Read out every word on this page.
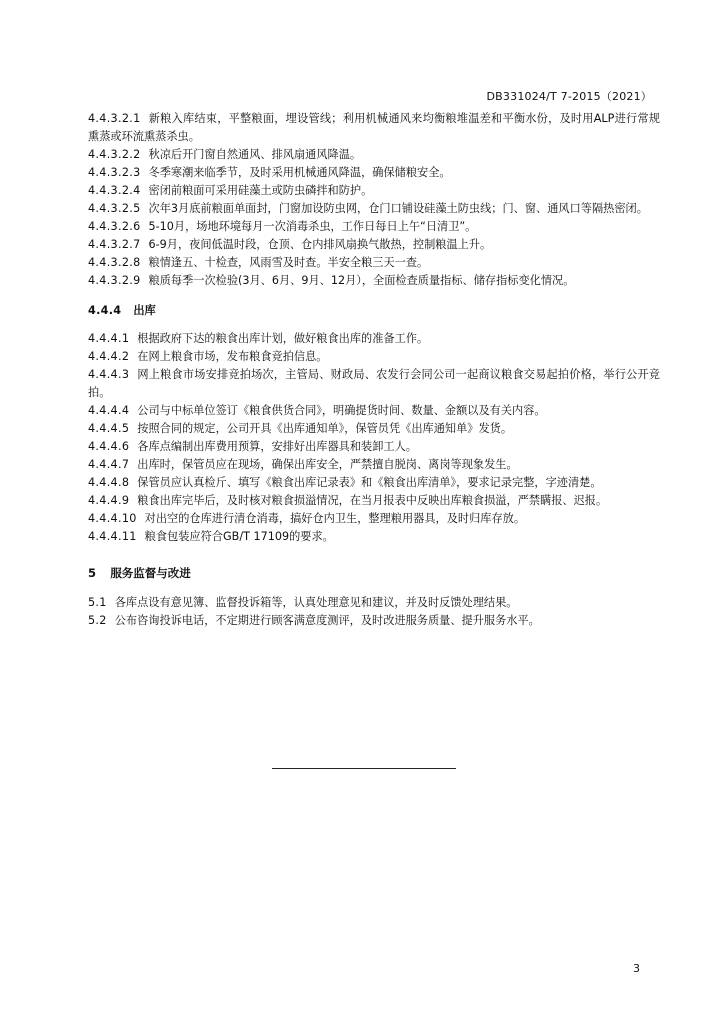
DB331024/T 7-2015（2021）

4.4.3.2.1 新粮入库结束，平整粮面，埋设管线；利用机械通风来均衡粮堆温差和平衡水份，及时用ALP进行常规熏蒸或环流熏蒸杀虫。

4.4.3.2.2 秋凉后开门窗自然通风、排风扇通风降温。

4.4.3.2.3 冬季寒潮来临季节，及时采用机械通风降温，确保储粮安全。

4.4.3.2.4 密闭前粮面可采用硅藻土或防虫磷拌和防护。

4.4.3.2.5 次年3月底前粮面单面封，门窗加设防虫网，仓门口铺设硅藻土防虫线；门、窗、通风口等隔热密闭。

4.4.3.2.6 5-10月，场地环境每月一次消毒杀虫，工作日每日上午“日清卫”。

4.4.3.2.7 6-9月，夜间低温时段，仓顶、仓内排风扇换气散热，控制粮温上升。

4.4.3.2.8 粮情逢五、十检查，风雨雪及时查。半安全粮三天一查。

4.4.3.2.9 粮质每季一次检验(3月、6月、9月、12月），全面检查质量指标、储存指标变化情况。

4.4.4 出库

4.4.4.1 根据政府下达的粮食出库计划，做好粮食出库的准备工作。

4.4.4.2 在网上粮食市场，发布粮食竞拍信息。

4.4.4.3 网上粮食市场安排竞拍场次，主管局、财政局、农发行会同公司一起商议粮食交易起拍价格，举行公开竞拍。

4.4.4.4 公司与中标单位签订《粮食供货合同》，明确提货时间、数量、金额以及有关内容。

4.4.4.5 按照合同的规定，公司开具《出库通知单》，保管员凭《出库通知单》发货。

4.4.4.6 各库点编制出库费用预算，安排好出库器具和装卸工人。

4.4.4.7 出库时，保管员应在现场，确保出库安全，严禁擅自脱岗、离岗等现象发生。

4.4.4.8 保管员应认真检斤、填写《粮食出库记录表》和《粮食出库清单》，要求记录完整，字迹清楚。

4.4.4.9 粮食出库完毕后，及时核对粮食损溢情况，在当月报表中反映出库粮食损溢，严禁瞒报、迟报。

4.4.4.10 对出空的仓库进行清仓消毒，搞好仓内卫生，整理粮用器具，及时归库存放。

4.4.4.11 粮食包装应符合GB/T 17109的要求。

5 服务监督与改进

5.1 各库点设有意见簿、监督投诉箱等，认真处理意见和建议，并及时反馈处理结果。

5.2 公布咨询投诉电话，不定期进行顾客满意度测评，及时改进服务质量、提升服务水平。

3
